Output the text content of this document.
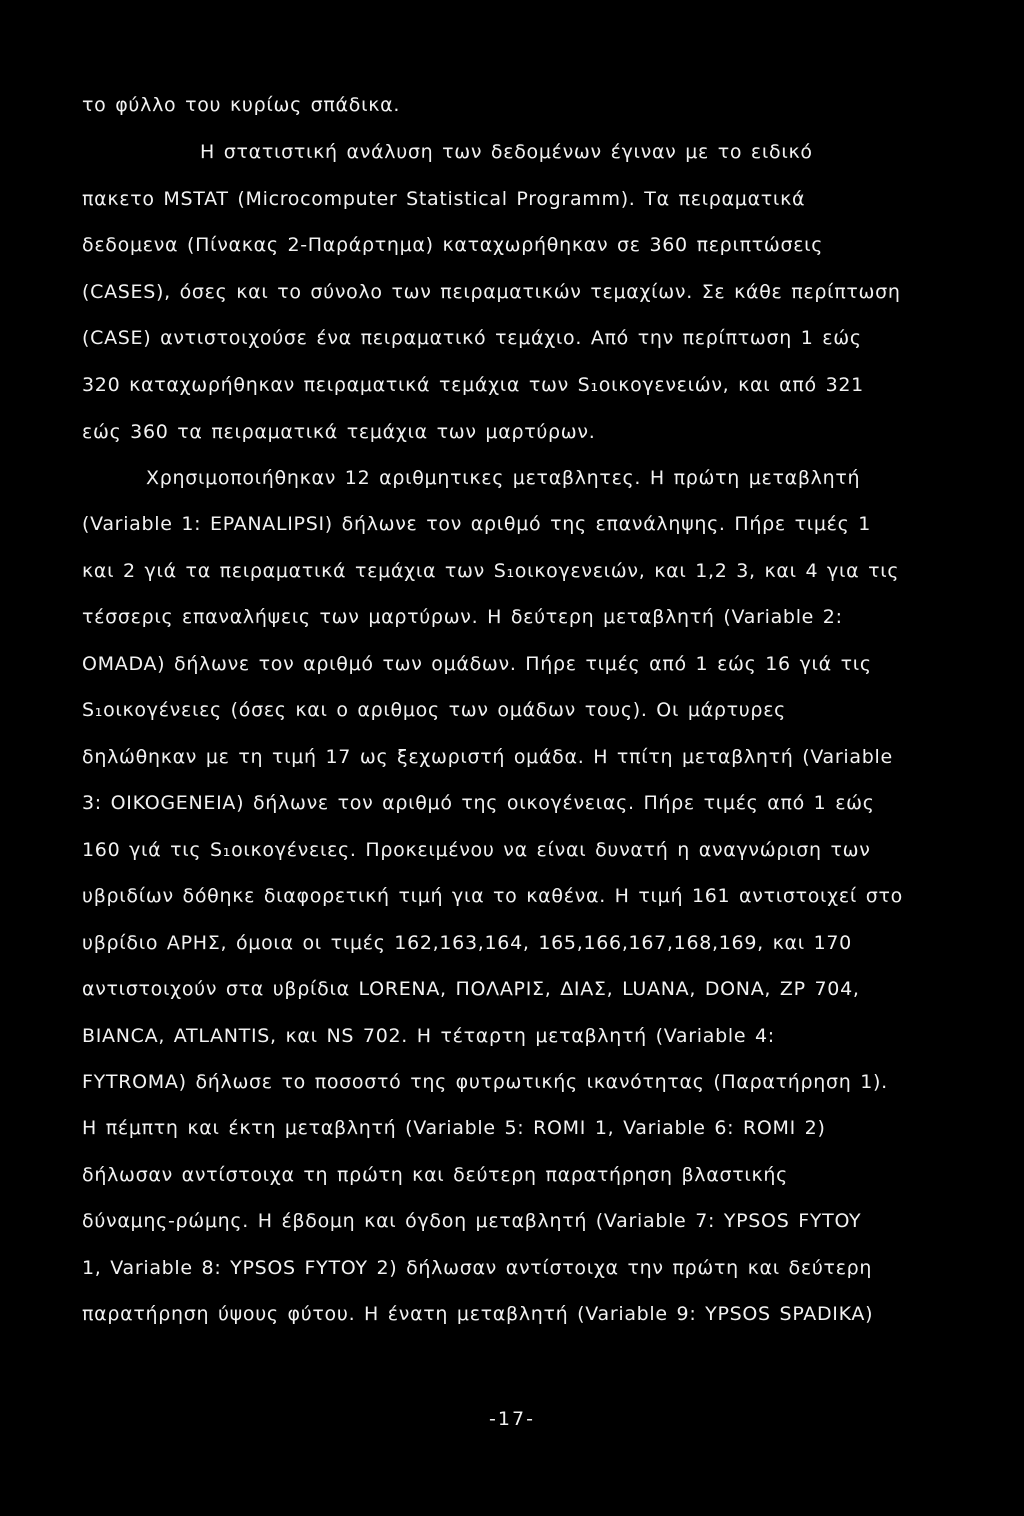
το φύλλο του κυρίως σπάδικα.
Η στατιστική ανάλυση των δεδομένων έγιναν με το ειδικό
πακετο MSTAT (Microcomputer Statistical Programm). Τα πειραματικά
δεδομενα (Πίνακας 2-Παράρτημα) καταχωρήθηκαν σε 360 περιπτώσεις
(CASES), όσες και το σύνολο των πειραματικών τεμαχίων. Σε κάθε περίπτωση
(CASE) αντιστοιχούσε ένα πειραματικό τεμάχιο. Από την περίπτωση 1 εώς
320 καταχωρήθηκαν πειραματικά τεμάχια των S₁οικογενειών, και από 321
εώς 360 τα πειραματικά τεμάχια των μαρτύρων.
Χρησιμοποιήθηκαν 12 αριθμητικες μεταβλητες. Η πρώτη μεταβλητή
(Variable 1: EPANALIPSI) δήλωνε τον αριθμό της επανάληψης. Πήρε τιμές 1
και 2 γιά τα πειραματικά τεμάχια των S₁οικογενειών, και 1,2 3, και 4 για τις
τέσσερις επαναλήψεις των μαρτύρων. Η δεύτερη μεταβλητή (Variable 2:
OMADA) δήλωνε τον αριθμό των ομάδων. Πήρε τιμές από 1 εώς 16 γιά τις
S₁οικογένειες (όσες και ο αριθμος των ομάδων τους). Οι μάρτυρες
δηλώθηκαν με τη τιμή 17 ως ξεχωριστή ομάδα. Η τπίτη μεταβλητή (Variable
3: OIKOGENEIA) δήλωνε τον αριθμό της οικογένειας. Πήρε τιμές από 1 εώς
160 γιά τις S₁οικογένειες. Προκειμένου να είναι δυνατή η αναγνώριση των
υβριδίων δόθηκε διαφορετική τιμή για το καθένα. Η τιμή 161 αντιστοιχεί στο
υβρίδιο ΑΡΗΣ, όμοια οι τιμές 162,163,164, 165,166,167,168,169, και 170
αντιστοιχούν στα υβρίδια LORENA, ΠΟΛΑΡΙΣ, ΔΙΑΣ, LUANA, DONA, ZP 704,
BIANCA, ATLANTIS, και NS 702. Η τέταρτη μεταβλητή (Variable 4:
FYTROMA) δήλωσε το ποσοστό της φυτρωτικής ικανότητας (Παρατήρηση 1).
Η πέμπτη και έκτη μεταβλητή (Variable 5: ROMI 1, Variable 6: ROMI 2)
δήλωσαν αντίστοιχα τη πρώτη και δεύτερη παρατήρηση βλαστικής
δύναμης-ρώμης. Η έβδομη και όγδοη μεταβλητή (Variable 7: YPSOS FYTOY
1, Variable 8: YPSOS FYTOY 2) δήλωσαν αντίστοιχα την πρώτη και δεύτερη
παρατήρηση ύψους φύτου. Η ένατη μεταβλητή (Variable 9: YPSOS SPADIKA)
-17-
